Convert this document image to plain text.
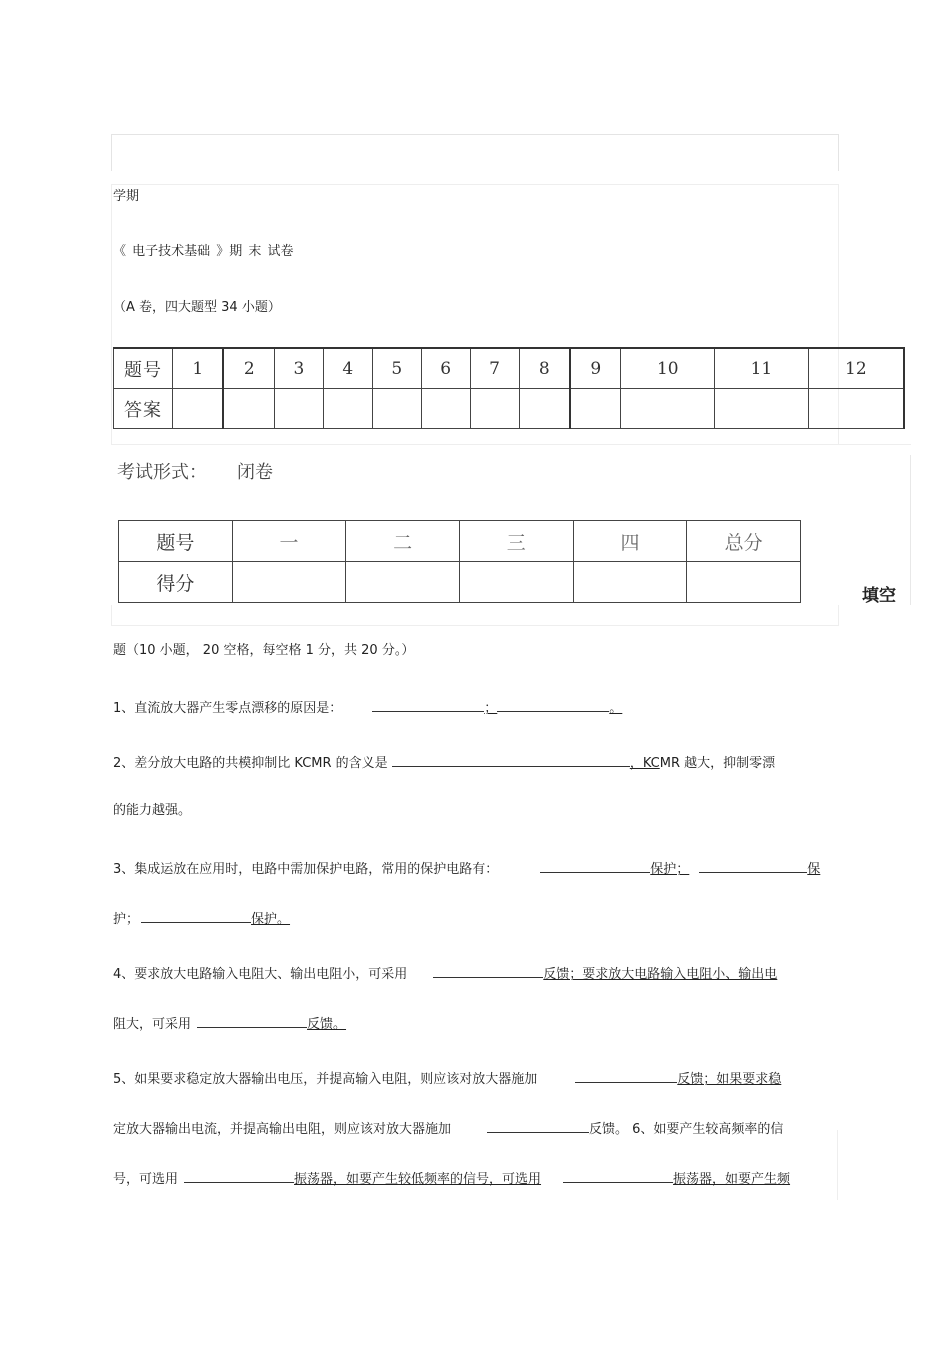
学期
《 电子技术基础 》期 末 试卷
（A 卷，四大题型 34 小题）
题号	1	2	3	4	5	6	7	8	9	10	11	12
答案												
考试形式： 闭卷
题号	一	二	三	四	总分
得分					
填空
题（10 小题， 20 空格，每空格 1 分，共 20 分。）
1、直流放大器产生零点漂移的原因是：	；	。
2、差分放大电路的共模抑制比 KCMR 的含义是	，KCMR 越大，抑制零漂
的能力越强。
3、集成运放在应用时，电路中需加保护电路，常用的保护电路有：	保护；	保
护；	保护。
4、要求放大电路输入电阻大、输出电阻小，可采用	反馈；要求放大电路输入电阻小、输出电
阻大，可采用	反馈。
5、如果要求稳定放大器输出电压，并提高输入电阻，则应该对放大器施加	反馈；如果要求稳
定放大器输出电流，并提高输出电阻，则应该对放大器施加	反馈。 6、如要产生较高频率的信
号，可选用	振荡器，如要产生较低频率的信号，可选用	振荡器，如要产生频
